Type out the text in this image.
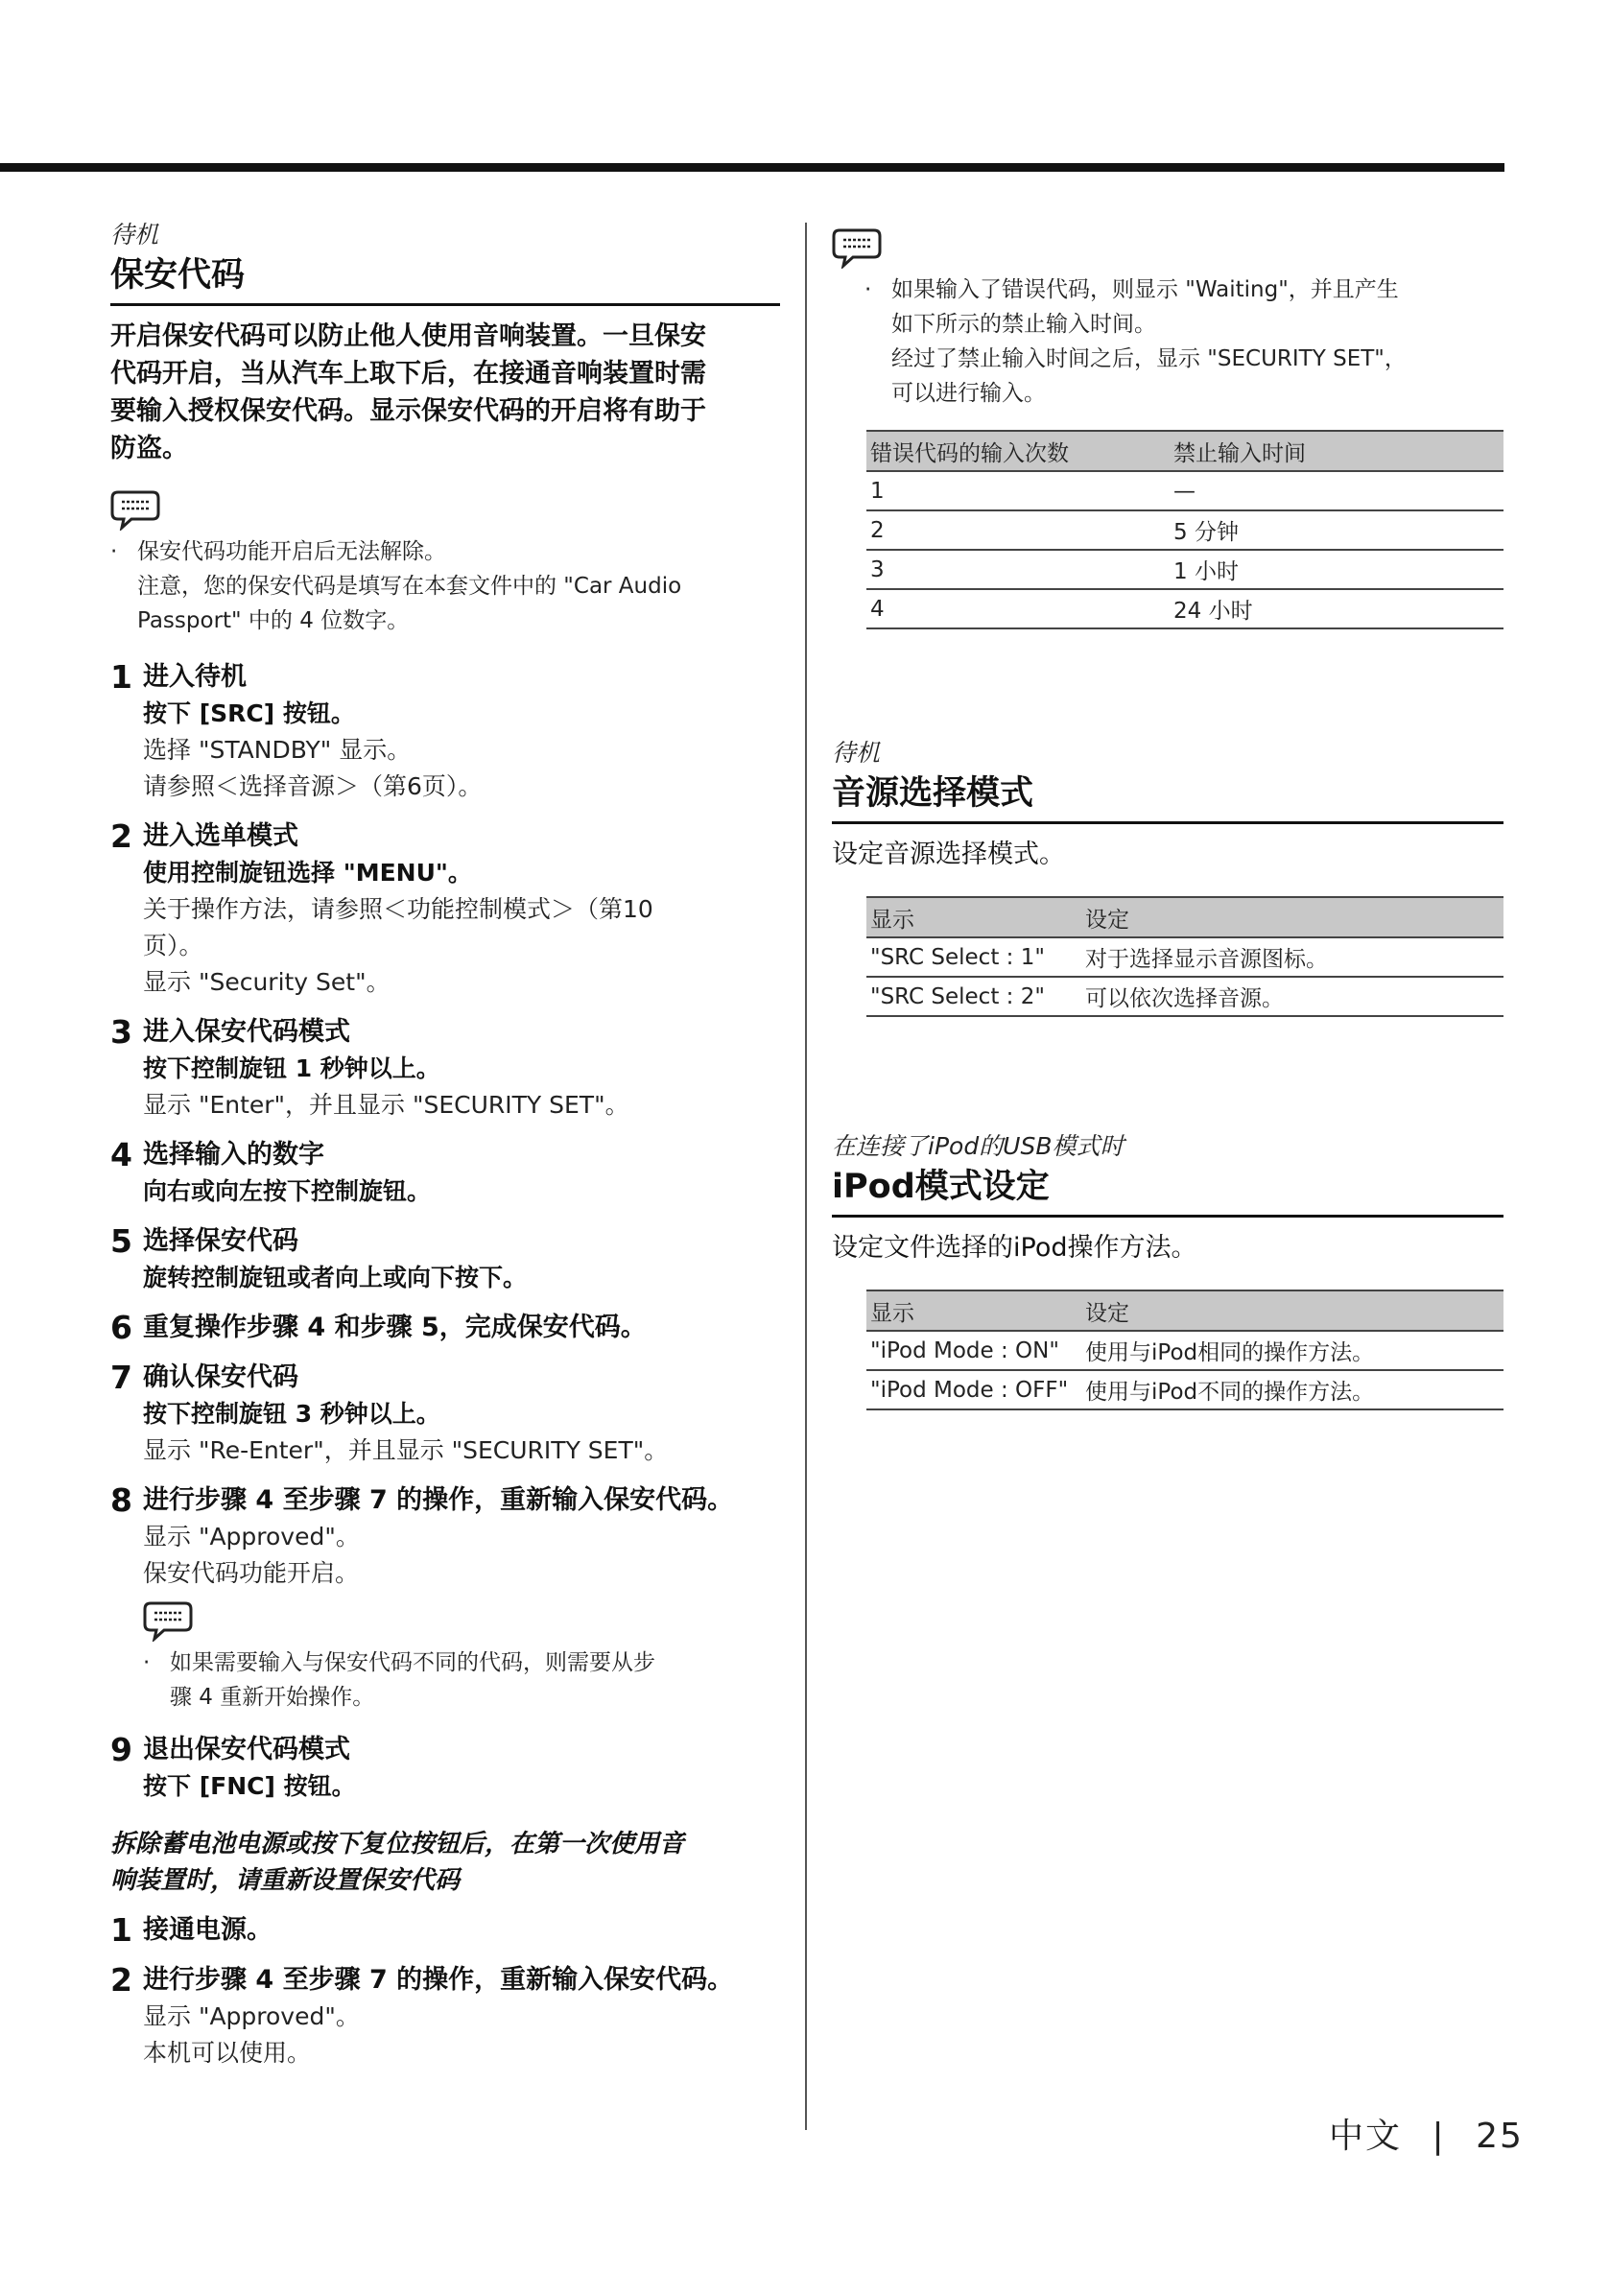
待机

保安代码
开启保安代码可以防止他人使用音响装置。一旦保安
代码开启，当从汽车上取下后，在接通音响装置时需
要输入授权保安代码。显示保安代码的开启将有助于
防盗。
· 保安代码功能开启后无法解除。
注意，您的保安代码是填写在本套文件中的 "Car Audio
Passport" 中的 4 位数字。
1 进入待机
按下 [SRC] 按钮。
选择 "STANDBY" 显示。
请参照＜选择音源＞（第6页）。
2 进入选单模式
使用控制旋钮选择 "MENU"。
关于操作方法，请参照＜功能控制模式＞（第10
页）。
显示 "Security Set"。
3 进入保安代码模式
按下控制旋钮 1 秒钟以上。
显示 "Enter"，并且显示 "SECURITY SET"。
4 选择输入的数字
向右或向左按下控制旋钮。
5 选择保安代码
旋转控制旋钮或者向上或向下按下。
6 重复操作步骤 4 和步骤 5，完成保安代码。
7 确认保安代码
按下控制旋钮 3 秒钟以上。
显示 "Re-Enter"，并且显示 "SECURITY SET"。
8 进行步骤 4 至步骤 7 的操作，重新输入保安代码。
显示 "Approved"。
保安代码功能开启。
· 如果需要输入与保安代码不同的代码，则需要从步
骤 4 重新开始操作。
9 退出保安代码模式
按下 [FNC] 按钮。
拆除蓄电池电源或按下复位按钮后，在第一次使用音
响装置时，请重新设置保安代码
1 接通电源。
2 进行步骤 4 至步骤 7 的操作，重新输入保安代码。
显示 "Approved"。
本机可以使用。
· 如果输入了错误代码，则显示 "Waiting"，并且产生
如下所示的禁止输入时间。
经过了禁止输入时间之后，显示 "SECURITY SET"，
可以进行输入。
错误代码的输入次数	禁止输入时间
1	—
2	5 分钟
3	1 小时
4	24 小时

待机

音源选择模式
设定音源选择模式。
显示	设定
"SRC Select : 1"	对于选择显示音源图标。
"SRC Select : 2"	可以依次选择音源。

在连接了iPod的USB模式时

iPod模式设定
设定文件选择的iPod操作方法。
显示	设定
"iPod Mode : ON"	使用与iPod相同的操作方法。
"iPod Mode : OFF"	使用与iPod不同的操作方法。
中文 | 25
